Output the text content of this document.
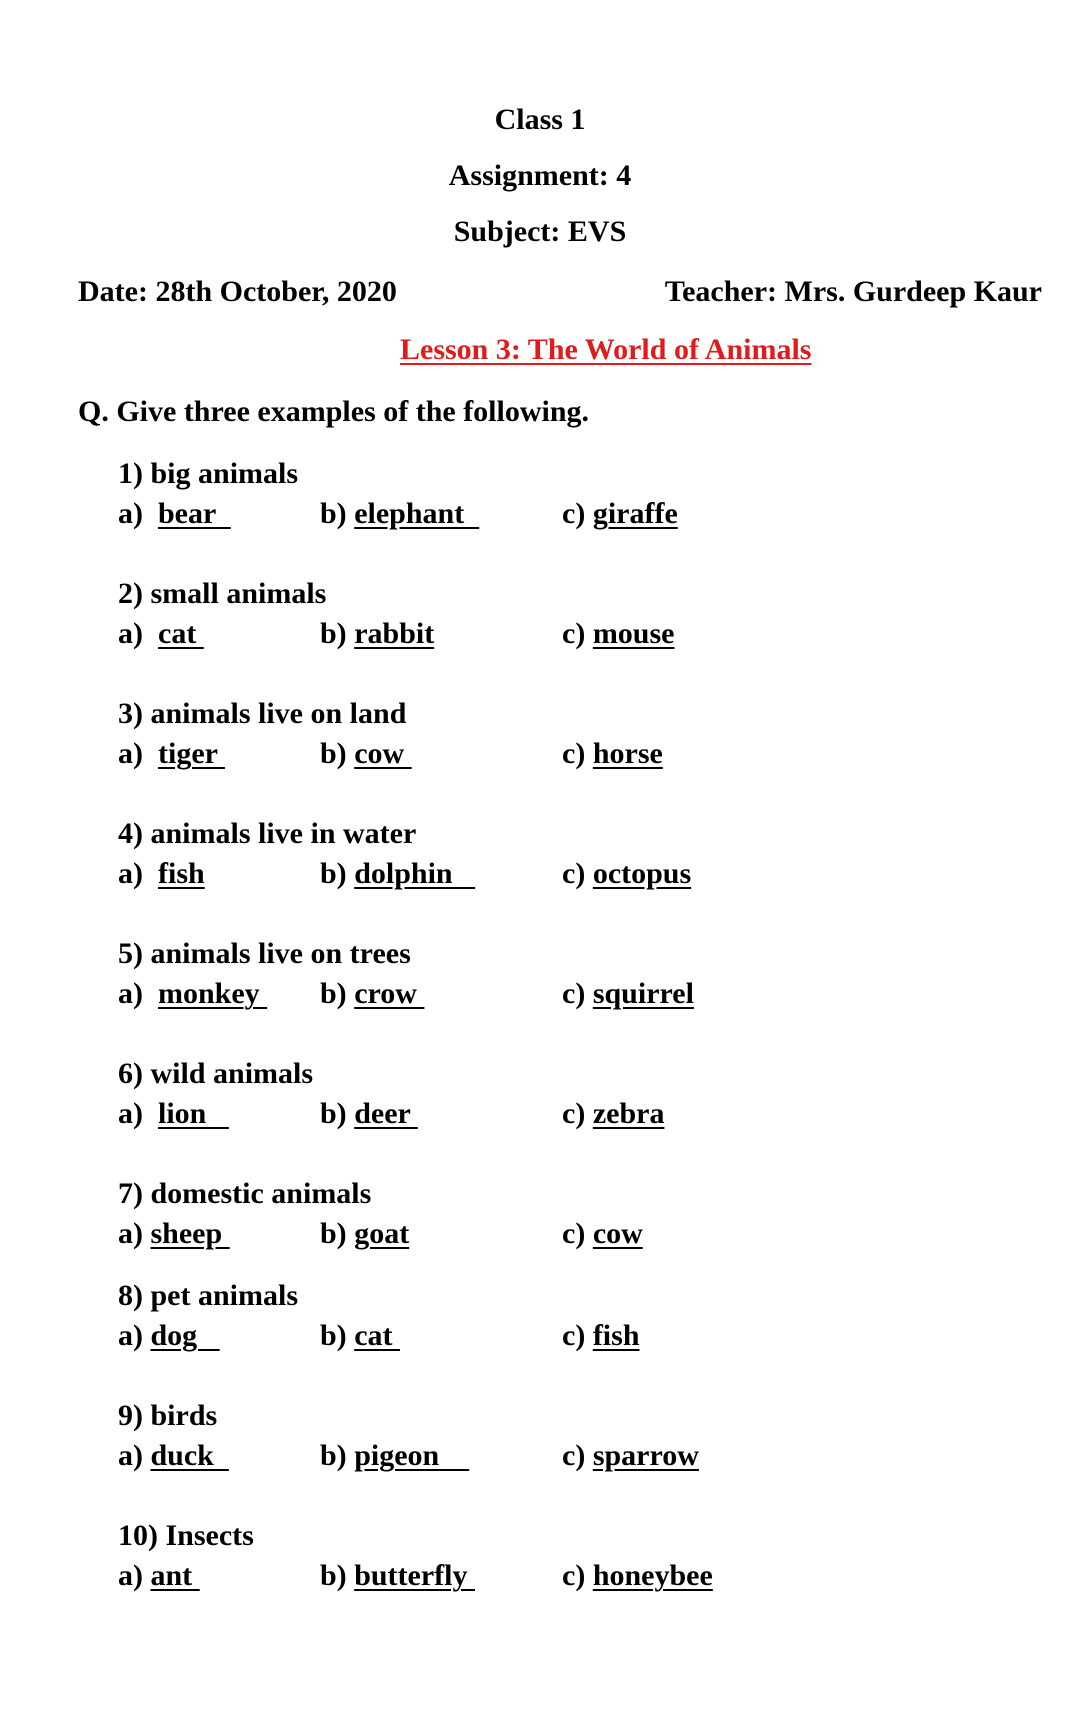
Class 1
Assignment: 4
Subject: EVS
Date: 28th October, 2020	Teacher: Mrs. Gurdeep Kaur
Lesson 3: The World of Animals
Q. Give three examples of the following.
1) big animals
a)  bear	b) elephant	c) giraffe
2) small animals
a)  cat	b) rabbit	c) mouse
3) animals live on land
a)  tiger	b) cow	c) horse
4) animals live in water
a)  fish	b) dolphin	c) octopus
5) animals live on trees
a)  monkey b) crow	c) squirrel
6) wild animals
a)  lion	b) deer	c) zebra
7) domestic animals
a) sheep	b) goat	c) cow
8) pet animals
a) dog	b) cat	c) fish
9) birds
a) duck	b) pigeon	c) sparrow
10) Insects
a) ant	b) butterfly	c) honeybee
